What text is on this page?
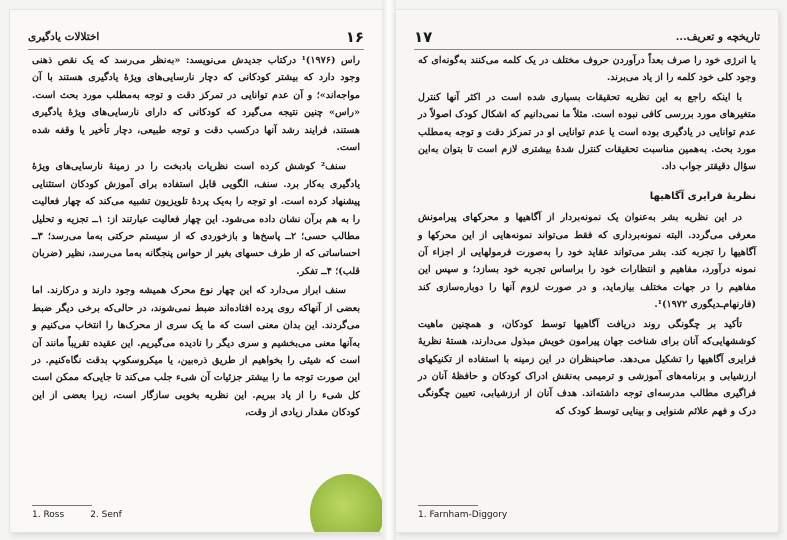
اختلالات یادگیری	۱۶

راس (۱۹۷۶)¹ درکتاب جدیدش می‌نویسد: «به‌نظر می‌رسد که یک نقص ذهنی وجود دارد که بیشتر کودکانی که دچار نارسایی‌های ویژهٔ یادگیری هستند با آن مواجه‌اند»؛ و آن عدم توانایی در تمرکز دقت و توجه به‌مطلب مورد بحث است. «راس» چنین نتیجه می‌گیرد که کودکانی که دارای نارسایی‌های ویژهٔ یادگیری هستند، فرایند رشد آنها درکسب دقت و توجه طبیعی، دچار تأخیر یا وقفه شده است.

سنف² کوشش کرده است نظریات بادبخت را در زمینهٔ نارسایی‌های ویژهٔ یادگیری به‌کار برد. سنف، الگویی قابل استفاده برای آموزش کودکان استثنایی پیشنهاد کرده است. او توجه را به‌یک پردهٔ تلویزیون تشبیه می‌کند که چهار فعالیت را به هم برآن نشان داده می‌شود. این چهار فعالیت عبارتند از: ۱ــ تجزیه و تحلیل مطالب حسی؛ ۲ــ پاسخ‌ها و بازخوردی که از سیستم حرکتی به‌ما می‌رسد؛ ۳ــ احساساتی که از طرف حسهای بغیر از حواس پنجگانه به‌ما می‌رسد، نظیر (ضربان قلب)؛ ۴ــ تفکر.

سنف ابراز می‌دارد که این چهار نوع محرک همیشه وجود دارند و درکارند. اما بعضی از آنهاکه روی پرده افتاده‌اند ضبط نمی‌شوند، در حالی‌که برخی دیگر ضبط می‌گردند. این بدان معنی است که ما یک سری از محرک‌ها را انتخاب می‌کنیم و به‌آنها معنی می‌بخشیم و سری دیگر را نادیده می‌گیریم. این عقیده تقریباً مانند آن است که شیئی را بخواهیم از طریق ذره‌بین، یا میکروسکوپ بدقت نگاه‌کنیم. در این صورت توجه ما را بیشتر جزئیات آن شیء جلب می‌کند تا جایی‌که ممکن است کل شیء را از یاد ببریم. این نظریه بخوبی سازگار است، زیرا بعضی از این کودکان مقدار زیادی از وقت،

1. Ross	2. Senf
۱۷	تاریخچه و تعریف...

یا انرژی خود را صرف بعداً درآوردن حروف مختلف در یک کلمه می‌کنند به‌گونه‌ای که وجود کلی خود کلمه را از یاد می‌برند.

با اینکه راجع به این نظریه تحقیقات بسیاری شده است در اکثر آنها کنترل متغیرهای مورد بررسی کافی نبوده است. مثلاً ما نمی‌دانیم که اشکال کودک اصولاً در عدم توانایی در یادگیری بوده است یا عدم توانایی او در تمرکز دقت و توجه به‌مطلب مورد بحث. به‌همین مناسبت تحقیقات کنترل شدهٔ بیشتری لازم است تا بتوان به‌این سؤال دقیقتر جواب داد.

نظریهٔ فرایری آگاهیها

در این نظریه بشر به‌عنوان یک نمونه‌بردار از آگاهیها و محرکهای پیرامونش معرفی می‌گردد. البته نمونه‌برداری که فقط می‌تواند نمونه‌هایی از این محرکها و آگاهیها را تجربه کند. بشر می‌تواند عقاید خود را به‌صورت فرمولهایی از اجزاء آن نمونه درآورد، مفاهیم و انتظارات خود را براساس تجربه خود بسازد؛ و سپس این مفاهیم را در جهات مختلف بیازماید، و در صورت لزوم آنها را دوباره‌سازی کند (فارنهام‌ـدیگوری ۱۹۷۲)¹.

تأکید بر چگونگی روند دریافت آگاهیها توسط کودکان، و همچنین ماهیت کوششهایی‌که آنان برای شناخت جهان پیرامون خویش مبذول می‌دارند، هستهٔ نظریهٔ فرایری آگاهیها را تشکیل می‌دهد. صاحبنظران در این زمینه با استفاده از تکنیکهای ارزشیابی و برنامه‌های آموزشی و ترمیمی به‌نقش ادراک کودکان و حافظهٔ آنان در فراگیری مطالب مدرسه‌ای توجه داشته‌اند. هدف آنان از ارزشیابی، تعیین چگونگی درک و فهم علائم شنوایی و بینایی توسط کودک که

1. Farnham-Diggory
